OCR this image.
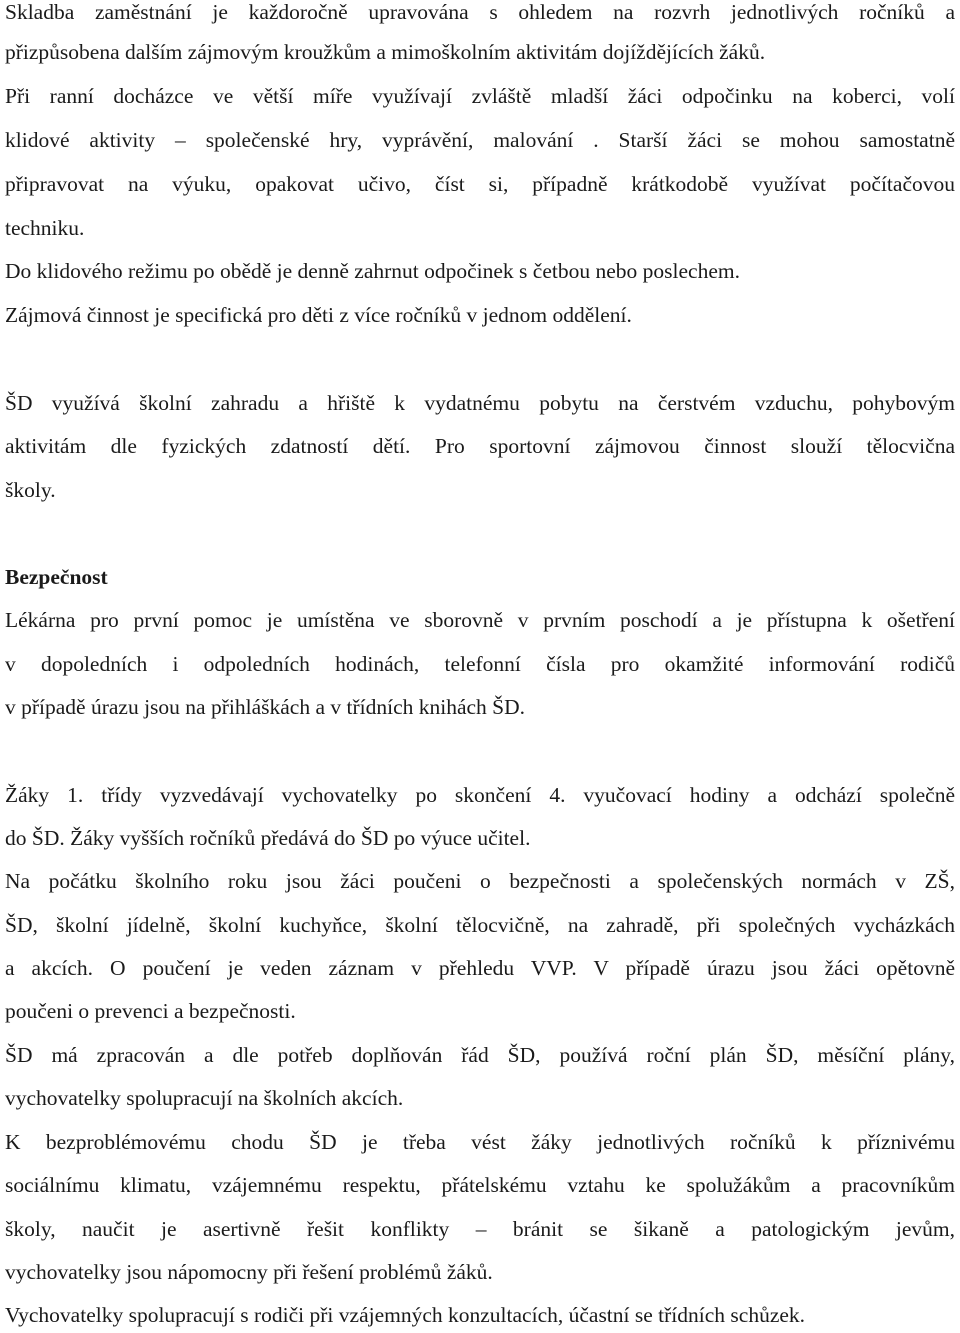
Skladba zaměstnání je každoročně upravována s ohledem na rozvrh jednotlivých ročníků a
přizpůsobena dalším zájmovým kroužkům a mimoškolním aktivitám dojíždějících žáků.
Při ranní docházce ve větší míře využívají zvláště mladší žáci odpočinku na koberci, volí
klidové aktivity – společenské hry, vyprávění, malování . Starší žáci se mohou samostatně
připravovat na výuku, opakovat učivo, číst si, případně krátkodobě využívat počítačovou
techniku.
Do klidového režimu po obědě je denně zahrnut odpočinek s četbou nebo poslechem.
Zájmová činnost je specifická pro děti z více ročníků v jednom oddělení.
ŠD využívá školní zahradu a hřiště k vydatnému pobytu na čerstvém vzduchu, pohybovým
aktivitám dle fyzických zdatností dětí. Pro sportovní zájmovou činnost slouží tělocvična
školy.
Bezpečnost
Lékárna pro první pomoc je umístěna ve sborovně v prvním poschodí a je přístupna k ošetření
v dopoledních i odpoledních hodinách, telefonní čísla pro okamžité informování rodičů
v případě úrazu jsou na přihláškách a v třídních knihách ŠD.
Žáky 1. třídy vyzvedávají vychovatelky po skončení 4. vyučovací hodiny a odchází společně
do ŠD. Žáky vyšších ročníků předává do ŠD po výuce učitel.
Na počátku školního roku jsou žáci poučeni o bezpečnosti a společenských normách v ZŠ,
ŠD, školní jídelně, školní kuchyňce, školní tělocvičně, na zahradě, při společných vycházkách
a akcích. O poučení je veden záznam v přehledu VVP. V případě úrazu jsou žáci opětovně
poučeni o prevenci a bezpečnosti.
ŠD má zpracován a dle potřeb doplňován řád ŠD, používá roční plán ŠD, měsíční plány,
vychovatelky spolupracují na školních akcích.
K bezproblémovému chodu ŠD je třeba vést žáky jednotlivých ročníků k příznivému
sociálnímu klimatu, vzájemnému respektu, přátelskému vztahu ke spolužákům a pracovníkům
školy, naučit je asertivně řešit konflikty – bránit se šikaně a patologickým jevům,
vychovatelky jsou nápomocny při řešení problémů žáků.
Vychovatelky spolupracují s rodiči při vzájemných konzultacích, účastní se třídních schůzek.
